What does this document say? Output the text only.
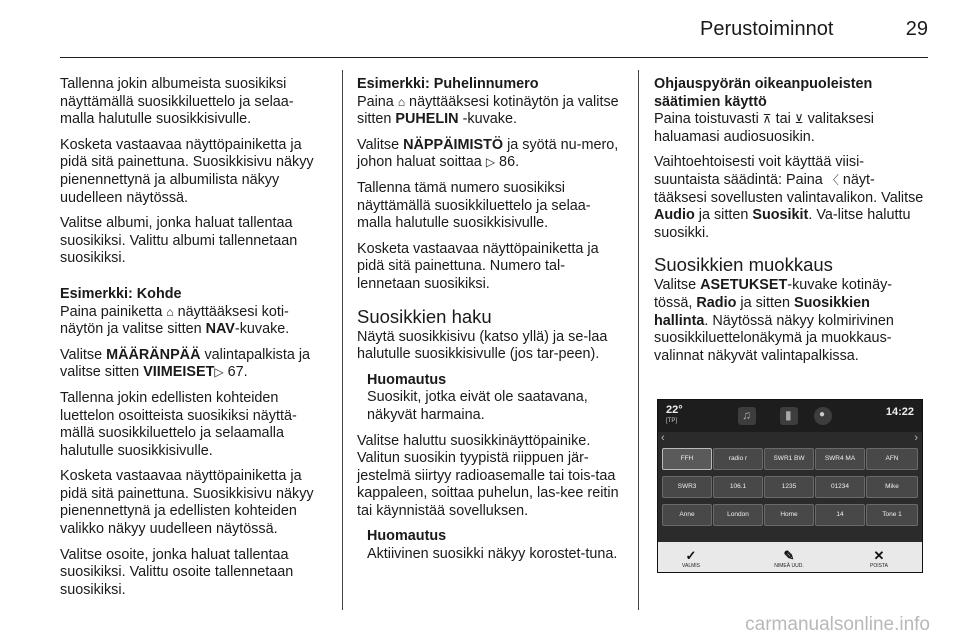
Perustoiminnot	29

Tallenna jokin albumeista suosikiksi näyttämällä suosikkiluettelo ja selaa-malla halutulle suosikkisivulle.

Kosketa vastaavaa näyttöpainiketta ja pidä sitä painettuna. Suosikkisivu näkyy pienennettynä ja albumilista näkyy uudelleen näytössä.

Valitse albumi, jonka haluat tallentaa suosikiksi. Valittu albumi tallennetaan suosikiksi.

Esimerkki: Kohde

Paina painiketta ⌂ näyttääksesi koti-näytön ja valitse sitten NAV-kuvake.

Valitse MÄÄRÄNPÄÄ valintapalkista ja valitse sitten VIIMEISET▷ 67.

Tallenna jokin edellisten kohteiden luettelon osoitteista suosikiksi näyttä-mällä suosikkiluettelo ja selaamalla halutulle suosikkisivulle.

Kosketa vastaavaa näyttöpainiketta ja pidä sitä painettuna. Suosikkisivu näkyy pienennettynä ja edellisten kohteiden valikko näkyy uudelleen näytössä.

Valitse osoite, jonka haluat tallentaa suosikiksi. Valittu osoite tallennetaan suosikiksi.

Esimerkki: Puhelinnumero

Paina ⌂ näyttääksesi kotinäytön ja valitse sitten PUHELIN -kuvake.

Valitse NÄPPÄIMISTÖ ja syötä nu-mero, johon haluat soittaa ▷ 86.

Tallenna tämä numero suosikiksi näyttämällä suosikkiluettelo ja selaa-malla halutulle suosikkisivulle.

Kosketa vastaavaa näyttöpainiketta ja pidä sitä painettuna. Numero tal-lennetaan suosikiksi.

Suosikkien haku

Näytä suosikkisivu (katso yllä) ja se-laa halutulle suosikkisivulle (jos tar-peen).

Huomautus

Suosikit, jotka eivät ole saatavana, näkyvät harmaina.

Valitse haluttu suosikkinäyttöpainike. Valitun suosikin tyypistä riippuen jär-jestelmä siirtyy radioasemalle tai tois-taa kappaleen, soittaa puhelun, las-kee reitin tai käynnistää sovelluksen.

Huomautus

Aktiivinen suosikki näkyy korostet-tuna.

Ohjauspyörän oikeanpuoleisten säätimien käyttö

Paina toistuvasti ⊼ tai ⊻ valitaksesi haluamasi audiosuosikin.

Vaihtoehtoisesti voit käyttää viisi-suuntaista säädintä: Paina 〈 näyt-tääksesi sovellusten valintavalikon. Valitse Audio ja sitten Suosikit. Va-litse haluttu suosikki.

Suosikkien muokkaus

Valitse ASETUKSET-kuvake kotinäy-tössä, Radio ja sitten Suosikkien hallinta. Näytössä näkyy kolmirivinen suosikkiluettelonäkymä ja muokkaus-valinnat näkyvät valintapalkissa.

22°
[TP]	♫	▮	●	14:22
‹	›
FFH	radio r	SWR1 BW	SWR4 MA	AFN
SWR3	106.1	1235	01234	Mike
Anne	London	Home	14	Tone 1
✓
VALMIS
✎
NIMEÄ UUD.
✕
POISTA
carmanualsonline.info
